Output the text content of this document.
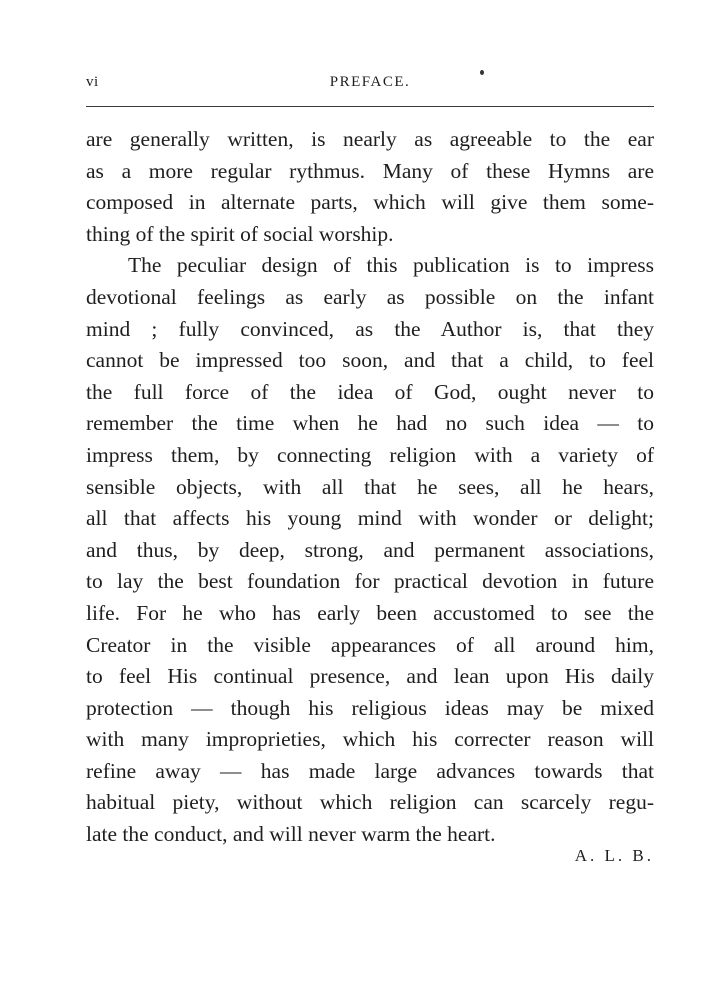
vi	PREFACE.
are generally written, is nearly as agreeable to the ear
as a more regular rythmus. Many of these Hymns are
composed in alternate parts, which will give them some-
thing of the spirit of social worship.
The peculiar design of this publication is to impress
devotional feelings as early as possible on the infant
mind ; fully convinced, as the Author is, that they
cannot be impressed too soon, and that a child, to feel
the full force of the idea of God, ought never to
remember the time when he had no such idea — to
impress them, by connecting religion with a variety of
sensible objects, with all that he sees, all he hears,
all that affects his young mind with wonder or delight;
and thus, by deep, strong, and permanent associations,
to lay the best foundation for practical devotion in future
life. For he who has early been accustomed to see the
Creator in the visible appearances of all around him,
to feel His continual presence, and lean upon His daily
protection — though his religious ideas may be mixed
with many improprieties, which his correcter reason will
refine away — has made large advances towards that
habitual piety, without which religion can scarcely regu-
late the conduct, and will never warm the heart.
A. L. B.
